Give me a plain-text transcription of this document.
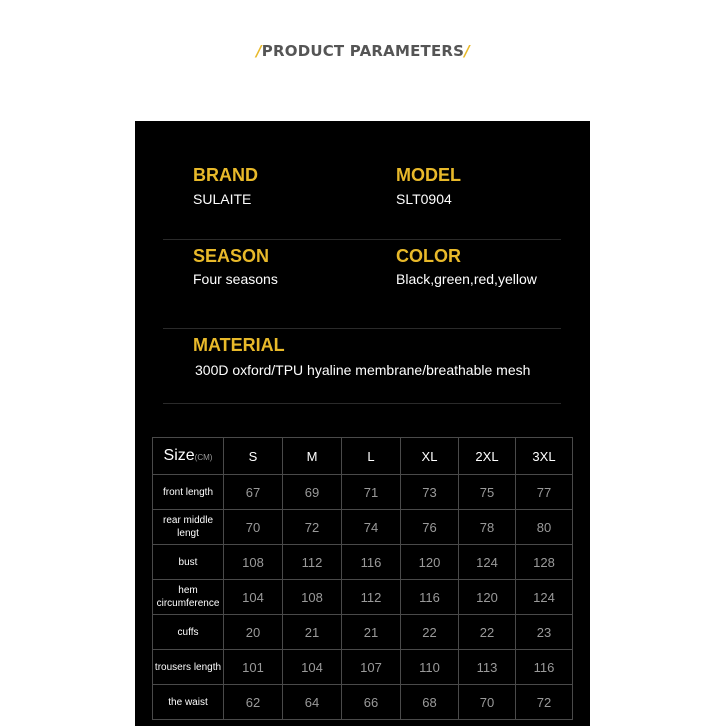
/PRODUCT PARAMETERS/
BRAND
SULAITE
MODEL
SLT0904
SEASON
Four seasons
COLOR
Black,green,red,yellow
MATERIAL
300D oxford/TPU hyaline membrane/breathable mesh
Size(CM)	S	M	L	XL	2XL	3XL
front length	67	69	71	73	75	77
rear middle lengt	70	72	74	76	78	80
bust	108	112	116	120	124	128
hem circumference	104	108	112	116	120	124
cuffs	20	21	21	22	22	23
trousers length	101	104	107	110	113	116
the waist	62	64	66	68	70	72
